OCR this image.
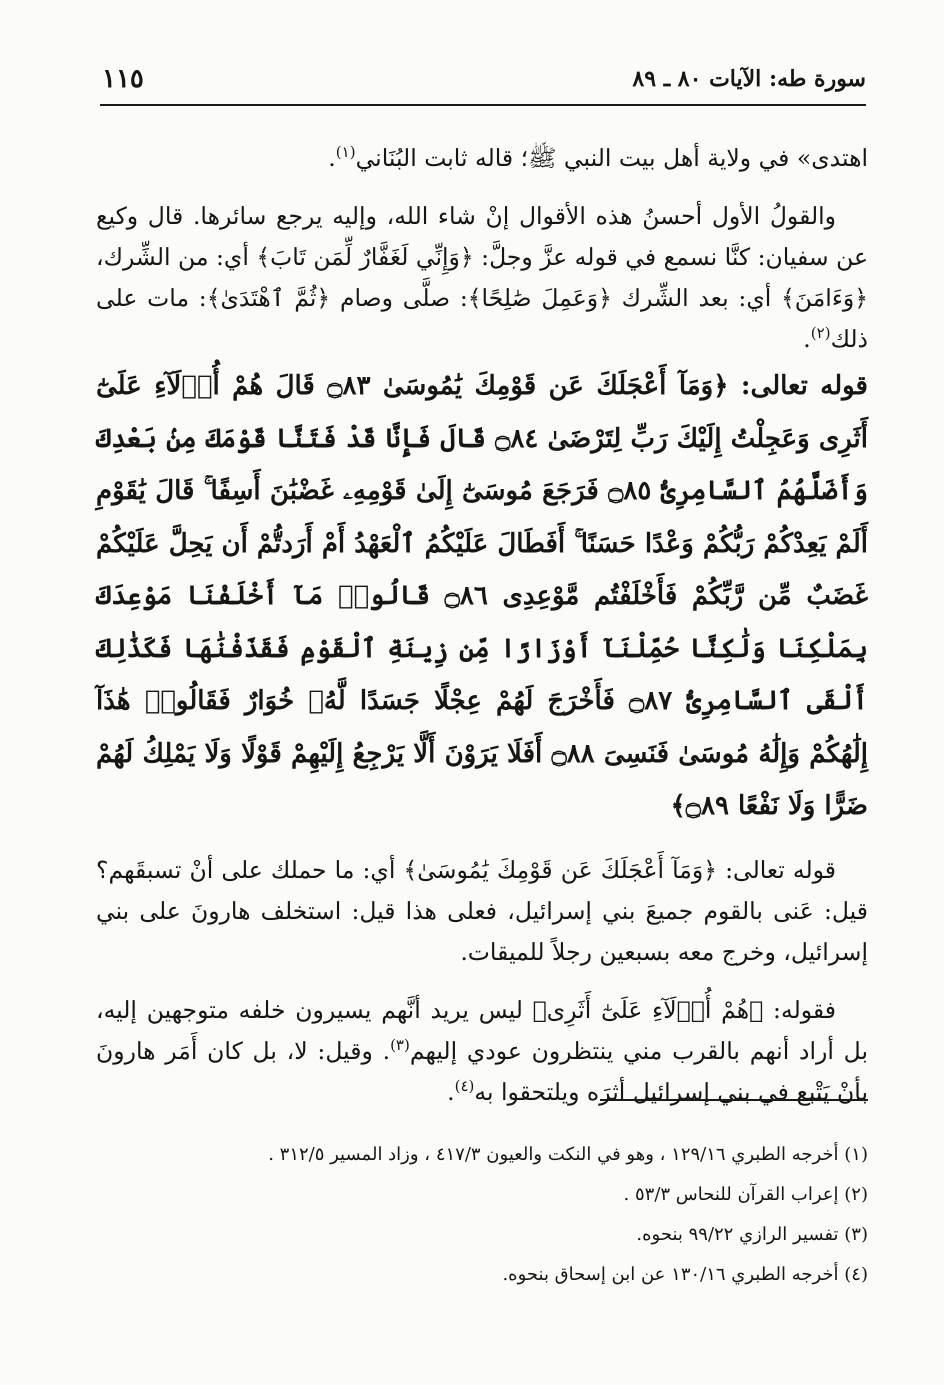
سورة طه: الآيات ٨٠ ـ ٨٩
١١٥

اهتدى» في ولاية أهل بيت النبي ﷺ؛ قاله ثابت البُنَاني$^{(١)}$.

والقولُ الأول أحسنُ هذه الأقوال إنْ شاء الله، وإليه يرجع سائرها. قال وكيع عن سفيان: كنَّا نسمع في قوله عزَّ وجلَّ: ﴿وَإِنِّي لَغَفَّارٌ لِّمَن تَابَ﴾ أي: من الشِّرك، ﴿وَءَامَنَ﴾ أي: بعد الشِّرك ﴿وَعَمِلَ صَٰلِحًا﴾: صلَّى وصام ﴿ثُمَّ ٱهْتَدَىٰ﴾: مات على ذلك$^{(٢)}$.

قوله تعالى: ﴿وَمَآ أَعْجَلَكَ عَن قَوْمِكَ يَٰمُوسَىٰ ۝٨٣ قَالَ هُمْ أُو۟لَآءِ عَلَىٰٓ أَثَرِى وَعَجِلْتُ إِلَيْكَ رَبِّ لِتَرْضَىٰ ۝٨٤ قَالَ فَإِنَّا قَدْ فَتَنَّا قَوْمَكَ مِنۢ بَعْدِكَ وَأَضَلَّهُمُ ٱلسَّامِرِىُّ ۝٨٥ فَرَجَعَ مُوسَىٰٓ إِلَىٰ قَوْمِهِۦ غَضْبَٰنَ أَسِفًا ۚ قَالَ يَٰقَوْمِ أَلَمْ يَعِدْكُمْ رَبُّكُمْ وَعْدًا حَسَنًا ۚ أَفَطَالَ عَلَيْكُمُ ٱلْعَهْدُ أَمْ أَرَدتُّمْ أَن يَحِلَّ عَلَيْكُمْ غَضَبٌ مِّن رَّبِّكُمْ فَأَخْلَفْتُم مَّوْعِدِى ۝٨٦ قَالُوا۟ مَآ أَخْلَفْنَا مَوْعِدَكَ بِمَلْكِنَا وَلَٰكِنَّا حُمِّلْنَآ أَوْزَارًا مِّن زِينَةِ ٱلْقَوْمِ فَقَذَفْنَٰهَا فَكَذَٰلِكَ أَلْقَى ٱلسَّامِرِىُّ ۝٨٧ فَأَخْرَجَ لَهُمْ عِجْلًا جَسَدًا لَّهُۥ خُوَارٌ فَقَالُوا۟ هَٰذَآ إِلَٰهُكُمْ وَإِلَٰهُ مُوسَىٰ فَنَسِىَ ۝٨٨ أَفَلَا يَرَوْنَ أَلَّا يَرْجِعُ إِلَيْهِمْ قَوْلًا وَلَا يَمْلِكُ لَهُمْ ضَرًّا وَلَا نَفْعًا ۝٨٩﴾

قوله تعالى: ﴿وَمَآ أَعْجَلَكَ عَن قَوْمِكَ يَٰمُوسَىٰ﴾ أي: ما حملك على أنْ تسبقَهم؟ قيل: عَنى بالقوم جميعَ بني إسرائيل، فعلى هذا قيل: استخلف هارونَ على بني إسرائيل، وخرج معه بسبعين رجلاً للميقات.

فقوله: ﴿هُمْ أُو۟لَآءِ عَلَىٰٓ أَثَرِى﴾ ليس يريد أنَّهم يسيرون خلفه متوجهين إليه، بل أراد أنهم بالقرب مني ينتظرون عودي إليهم$^{(٣)}$. وقيل: لا، بل كان أَمَر هارونَ بأنْ يَتْبع في بني إسرائيل أثرَه ويلتحقوا به$^{(٤)}$.

(١) أخرجه الطبري ١٢٩/١٦ ، وهو في النكت والعيون ٤١٧/٣ ، وزاد المسير ٣١٢/٥ .

(٢) إعراب القرآن للنحاس ٥٣/٣ .

(٣) تفسير الرازي ٩٩/٢٢ بنحوه.

(٤) أخرجه الطبري ١٣٠/١٦ عن ابن إسحاق بنحوه.
